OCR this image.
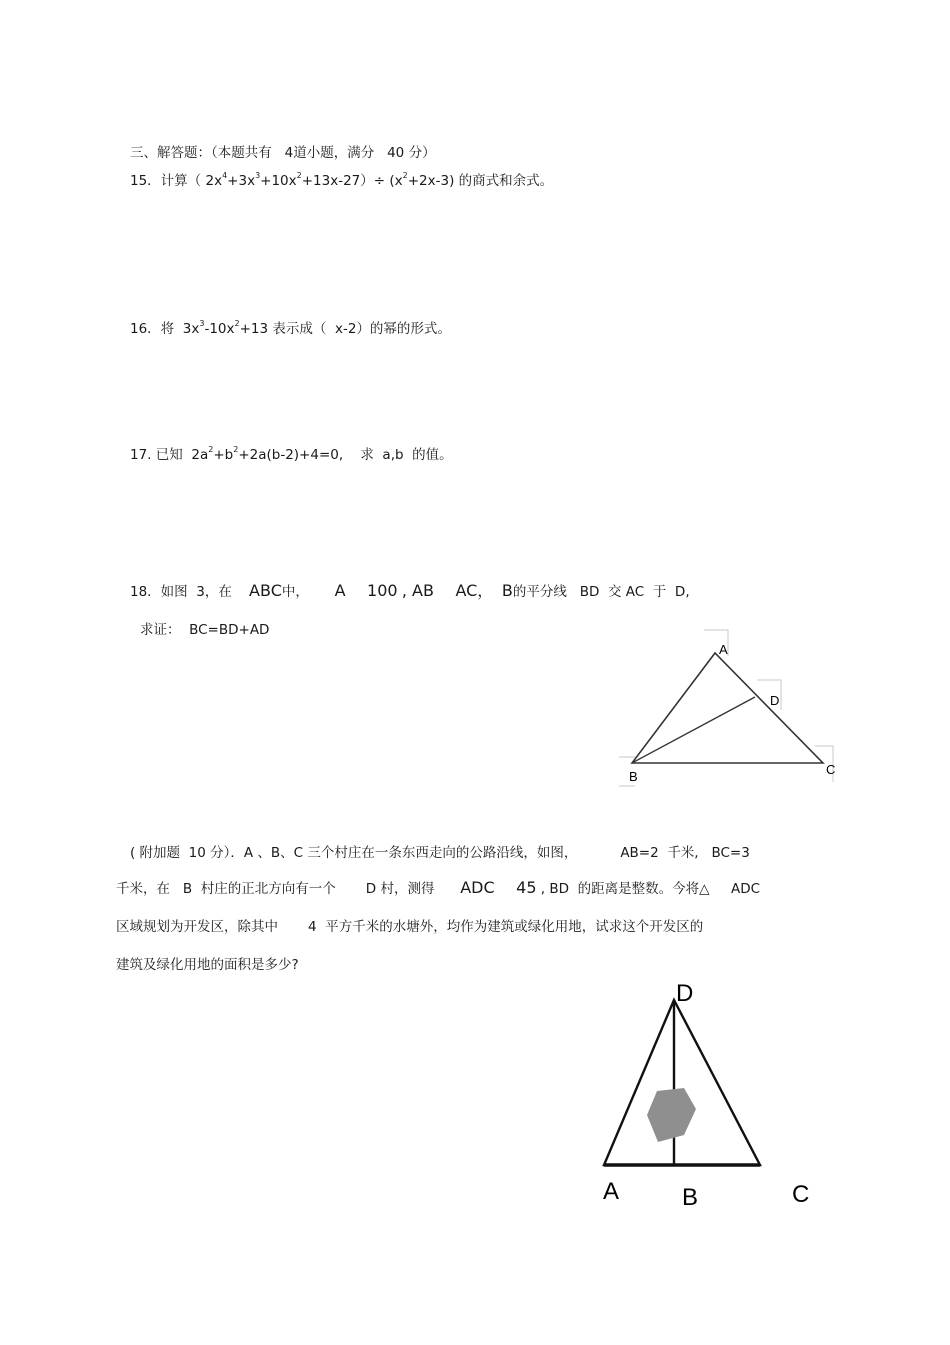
三、解答题：（本题共有 4道小题，满分 40 分）
15．计算（ $2x^4+3x^3+10x^2+13x-27)\div (x^2+2x-3)$ 的商式和余式。
16．将 $3x^3-10x^2+13$ 表示成（ x-2）的幂的形式。
17. 已知 $2a^2+b^2+2a(b-2)+4=0$, 求 a,b 的值。
18．如图 3，在 ABC中， A 100 , AB AC， B的平分线 BD 交 AC 于 D,
求证： BC=BD+AD
A
D
B	C
( 附加题 10 分）．A 、B、C 三个村庄在一条东西走向的公路沿线，如图，	AB=2 千米, BC=3
千米，在 B 村庄的正北方向有一个 D 村，测得 ADC 45 , BD 的距离是整数。今将△ ADC
区域规划为开发区，除其中 4 平方千米的水塘外，均作为建筑或绿化用地，试求这个开发区的
建筑及绿化用地的面积是多少?
D
A	B	C
